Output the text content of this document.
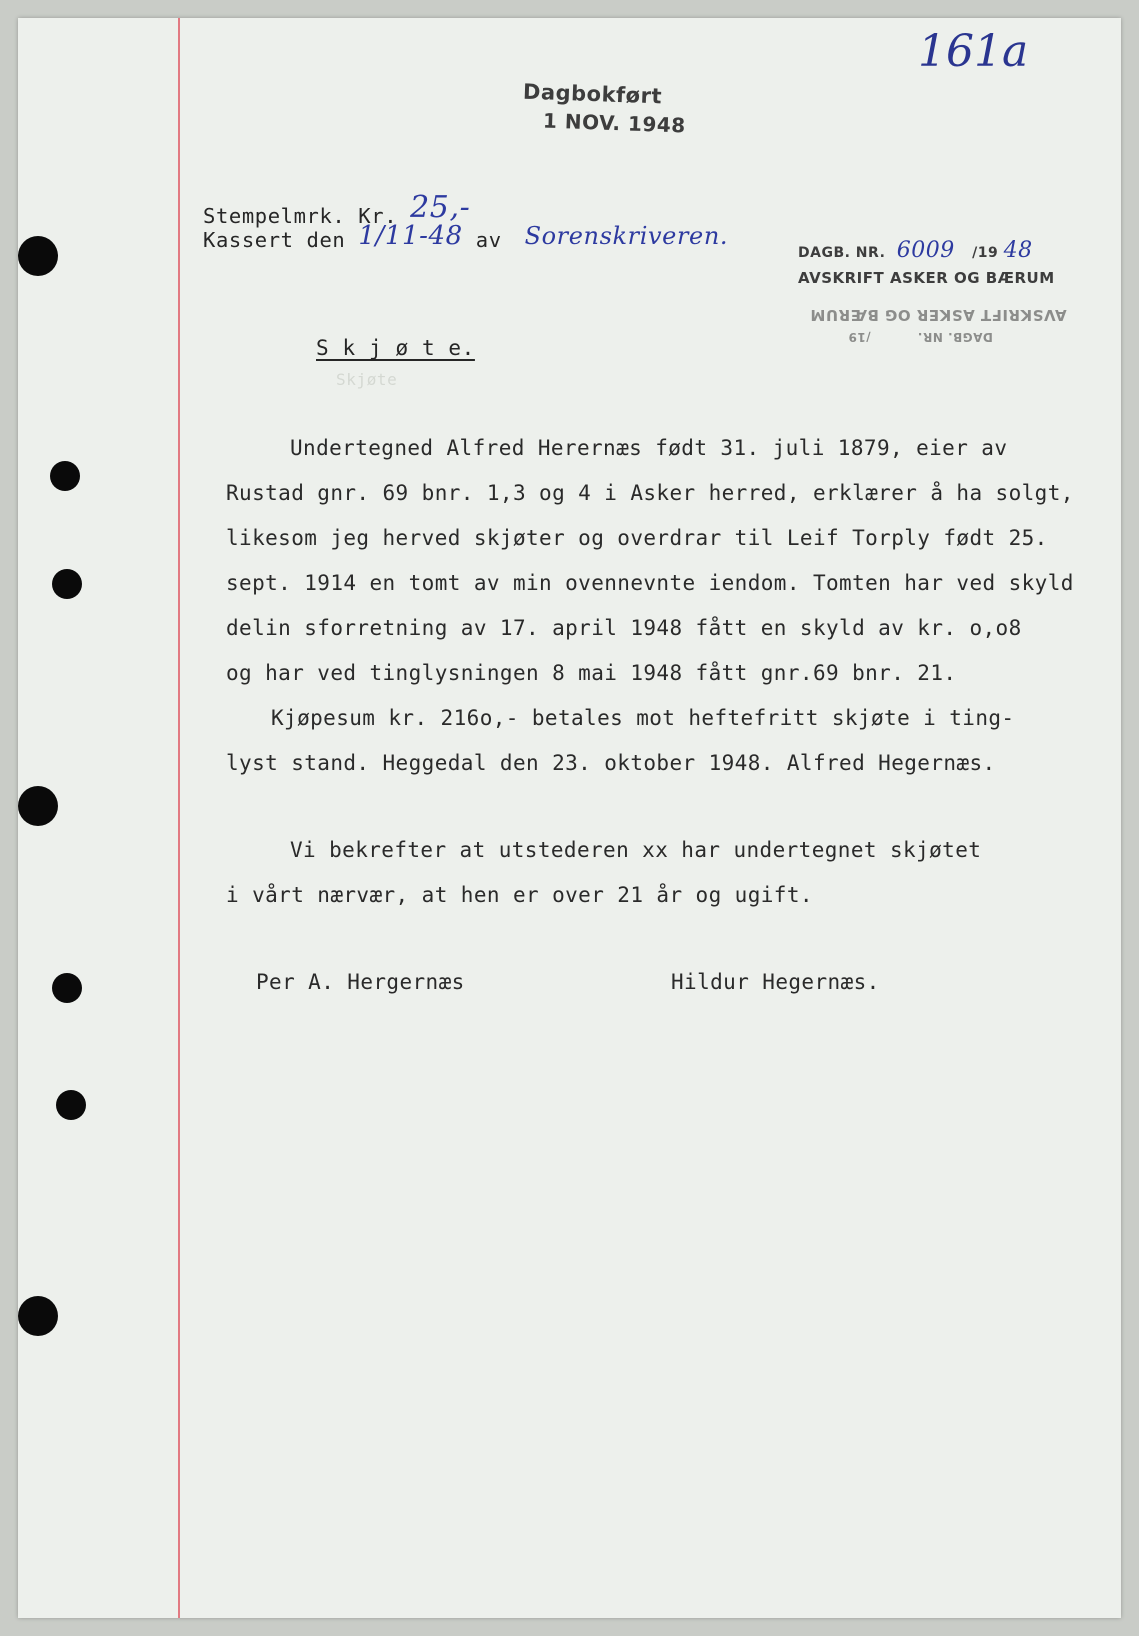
161a
Dagbokført
1 NOV. 1948
Stempelmrk. Kr. 25,-
Kassert den 1/11-48 av Sorenskriveren.
DAGB. NR. 6009 /19 48
AVSKRIFT ASKER OG BÆRUM
AVSKRIFT ASKER OG BÆRUM
DAGB. NR.          /19
S k j ø t e.
Skjøte
Undertegned Alfred Herernæs født 31. juli 1879, eier av
Rustad gnr. 69 bnr. 1,3 og 4 i Asker herred, erklærer å ha solgt,
likesom jeg herved skjøter og overdrar til Leif Torply født 25.
sept. 1914 en tomt av min ovennevnte iendom. Tomten har ved skyld
delin sforretning av 17. april 1948 fått en skyld av kr. o,o8
og har ved tinglysningen 8 mai 1948 fått gnr.69 bnr. 21.
Kjøpesum kr. 216o,- betales mot heftefritt skjøte i ting-
lyst stand. Heggedal den 23. oktober 1948. Alfred Hegernæs.
Vi bekrefter at utstederen xx har undertegnet skjøtet
i vårt nærvær, at hen er over 21 år og ugift.
Per A. Hergernæs	Hildur Hegernæs.
